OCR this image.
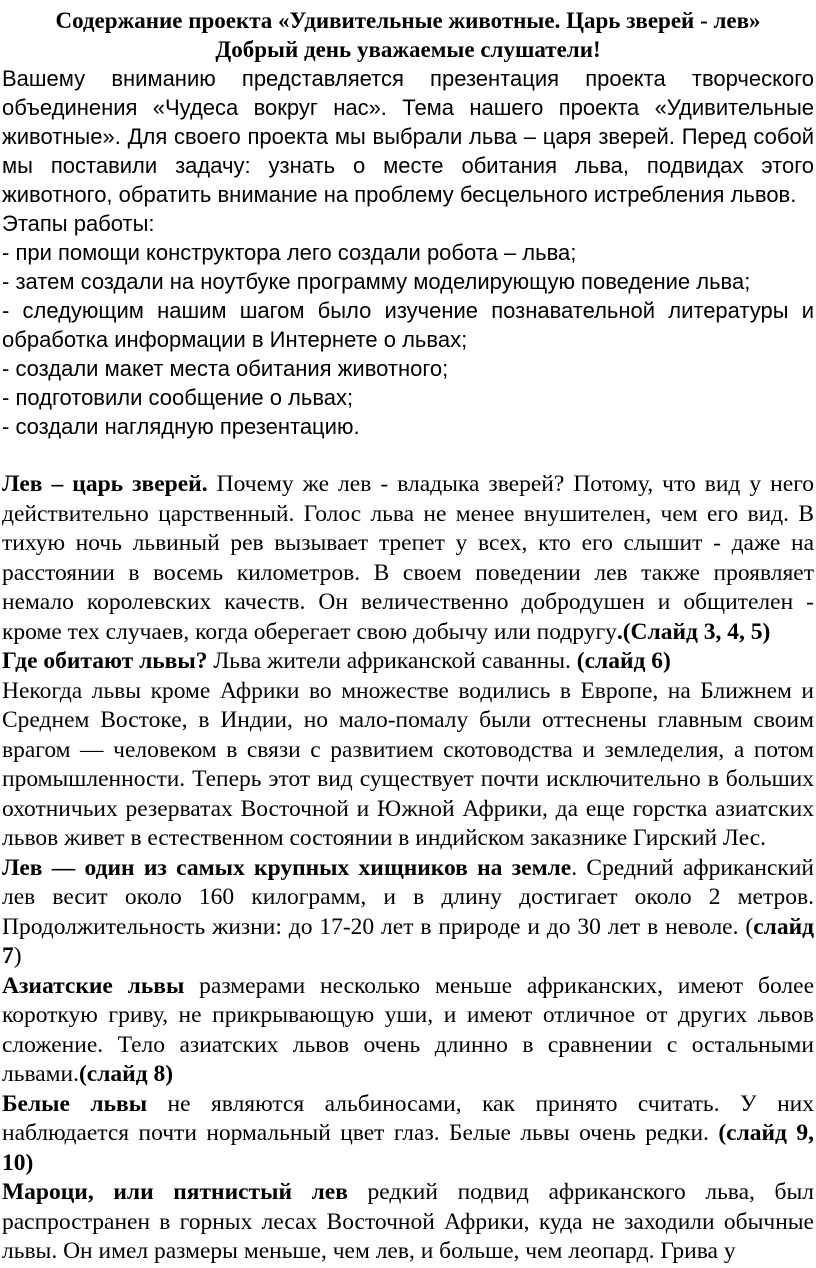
Содержание проекта «Удивительные животные. Царь зверей - лев»

Добрый день уважаемые слушатели!

Вашему вниманию представляется презентация проекта творческого объединения «Чудеса вокруг нас». Тема нашего проекта «Удивительные животные». Для своего проекта мы выбрали льва – царя зверей. Перед собой мы поставили задачу: узнать о месте обитания льва, подвидах этого животного, обратить внимание на проблему бесцельного истребления львов.

Этапы работы:

- при помощи конструктора лего создали робота – льва;

- затем создали на ноутбуке программу моделирующую поведение льва;

- следующим нашим шагом было изучение познавательной литературы и обработка информации в Интернете о львах;

- создали макет места обитания животного;

- подготовили сообщение о львах;

- создали наглядную презентацию.

Лев – царь зверей. Почему же лев - владыка зверей? Потому, что вид у него действительно царственный. Голос льва не менее внушителен, чем его вид. В тихую ночь львиный рев вызывает трепет у всех, кто его слышит - даже на расстоянии в восемь километров. В своем поведении лев также проявляет немало королевских качеств. Он величественно добродушен и общителен - кроме тех случаев, когда оберегает свою добычу или подругу.(Слайд 3, 4, 5)

Где обитают львы? Льва жители африканской саванны. (слайд 6)

Некогда львы кроме Африки во множестве водились в Европе, на Ближнем и Среднем Востоке, в Индии, но мало-помалу были оттеснены главным своим врагом — человеком в связи с развитием скотоводства и земледелия, а потом промышленности. Теперь этот вид существует почти исключительно в больших охотничьих резерватах Восточной и Южной Африки, да еще горстка азиатских львов живет в естественном состоянии в индийском заказнике Гирский Лес.

Лев — один из самых крупных хищников на земле. Средний африканский лев весит около 160 килограмм, и в длину достигает около 2 метров. Продолжительность жизни: до 17-20 лет в природе и до 30 лет в неволе. (слайд 7)

Азиатские львы размерами несколько меньше африканских, имеют более короткую гриву, не прикрывающую уши, и имеют отличное от других львов сложение. Тело азиатских львов очень длинно в сравнении с остальными львами.(слайд 8)

Белые львы не являются альбиносами, как принято считать. У них наблюдается почти нормальный цвет глаз. Белые львы очень редки. (слайд 9, 10)

Мароци, или пятнистый лев редкий подвид африканского льва, был распространен в горных лесах Восточной Африки, куда не заходили обычные львы. Он имел размеры меньше, чем лев, и больше, чем леопард. Грива у
